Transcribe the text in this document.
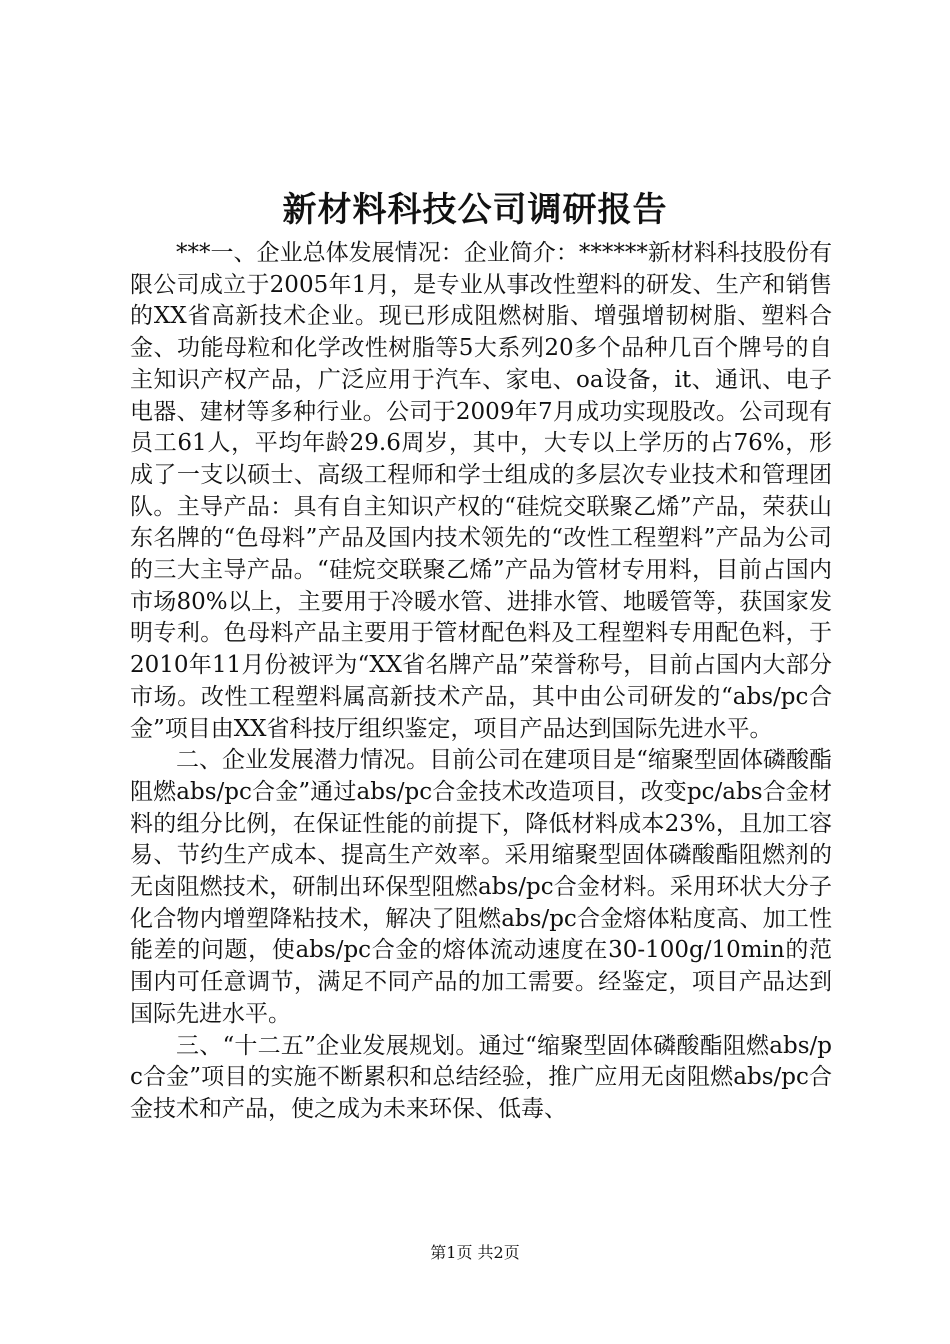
新材料科技公司调研报告

***一、企业总体发展情况：企业简介：******新材料科技股份有限公司成立于2005年1月，是专业从事改性塑料的研发、生产和销售的XX省高新技术企业。现已形成阻燃树脂、增强增韧树脂、塑料合金、功能母粒和化学改性树脂等5大系列20多个品种几百个牌号的自主知识产权产品，广泛应用于汽车、家电、oa设备，it、通讯、电子电器、建材等多种行业。公司于2009年7月成功实现股改。公司现有员工61人，平均年龄29.6周岁，其中，大专以上学历的占76%，形成了一支以硕士、高级工程师和学士组成的多层次专业技术和管理团队。主导产品：具有自主知识产权的“硅烷交联聚乙烯”产品，荣获山东名牌的“色母料”产品及国内技术领先的“改性工程塑料”产品为公司的三大主导产品。“硅烷交联聚乙烯”产品为管材专用料，目前占国内市场80%以上，主要用于冷暖水管、进排水管、地暖管等，获国家发明专利。色母料产品主要用于管材配色料及工程塑料专用配色料，于2010年11月份被评为“XX省名牌产品”荣誉称号，目前占国内大部分市场。改性工程塑料属高新技术产品，其中由公司研发的“abs/pc合金”项目由XX省科技厅组织鉴定，项目产品达到国际先进水平。

二、企业发展潜力情况。目前公司在建项目是“缩聚型固体磷酸酯阻燃abs/pc合金”通过abs/pc合金技术改造项目，改变pc/abs合金材料的组分比例，在保证性能的前提下，降低材料成本23%，且加工容易、节约生产成本、提高生产效率。采用缩聚型固体磷酸酯阻燃剂的无卤阻燃技术，研制出环保型阻燃abs/pc合金材料。采用环状大分子化合物内增塑降粘技术，解决了阻燃abs/pc合金熔体粘度高、加工性能差的问题，使abs/pc合金的熔体流动速度在30-100g/10min的范围内可任意调节，满足不同产品的加工需要。经鉴定，项目产品达到国际先进水平。

三、“十二五”企业发展规划。通过“缩聚型固体磷酸酯阻燃abs/pc合金”项目的实施不断累积和总结经验，推广应用无卤阻燃abs/pc合金技术和产品，使之成为未来环保、低毒、

第1页 共2页
